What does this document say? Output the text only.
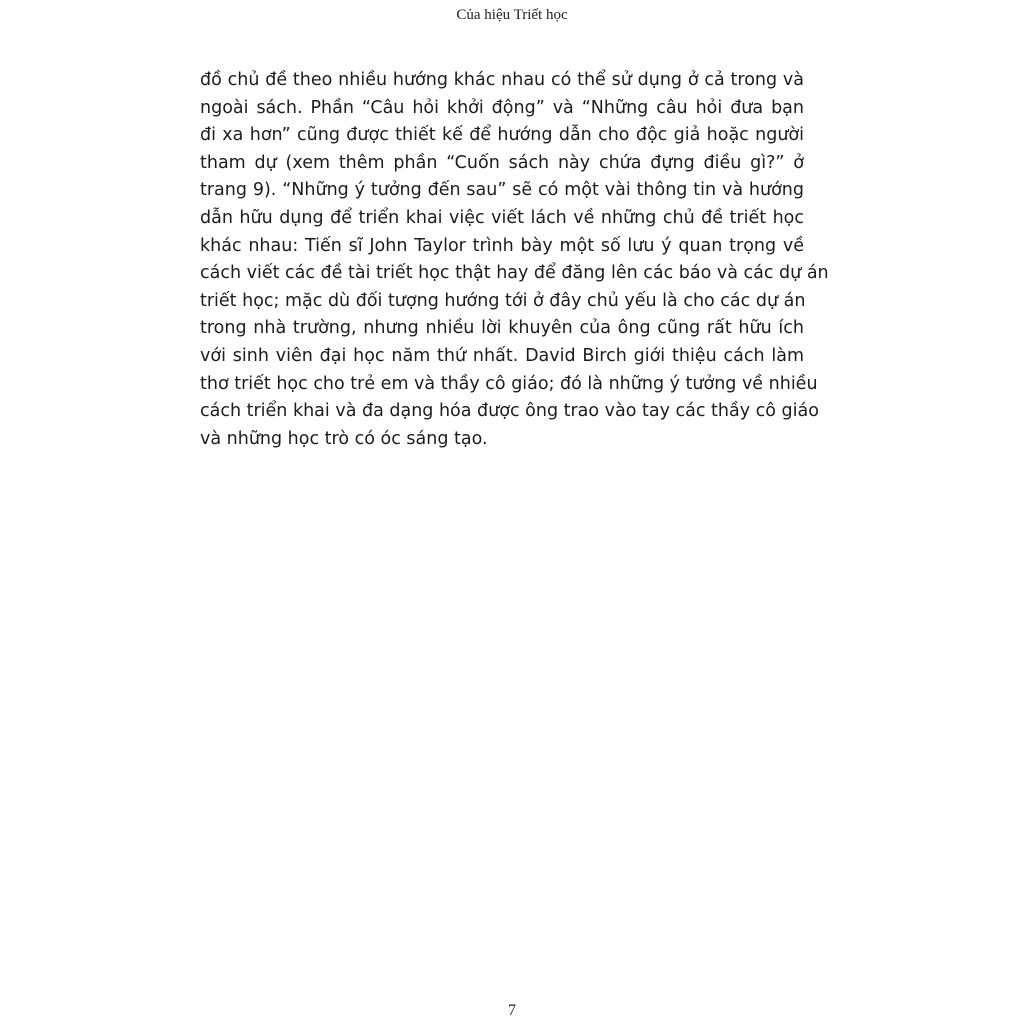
Của hiệu Triết học
đồ chủ đề theo nhiều hướng khác nhau có thể sử dụng ở cả trong và
ngoài sách. Phần “Câu hỏi khởi động” và “Những câu hỏi đưa bạn
đi xa hơn” cũng được thiết kế để hướng dẫn cho độc giả hoặc người
tham dự (xem thêm phần “Cuốn sách này chứa đựng điều gì?” ở
trang 9). “Những ý tưởng đến sau” sẽ có một vài thông tin và hướng
dẫn hữu dụng để triển khai việc viết lách về những chủ đề triết học
khác nhau: Tiến sĩ John Taylor trình bày một số lưu ý quan trọng về
cách viết các đề tài triết học thật hay để đăng lên các báo và các dự án
triết học; mặc dù đối tượng hướng tới ở đây chủ yếu là cho các dự án
trong nhà trường, nhưng nhiều lời khuyên của ông cũng rất hữu ích
với sinh viên đại học năm thứ nhất. David Birch giới thiệu cách làm
thơ triết học cho trẻ em và thầy cô giáo; đó là những ý tưởng về nhiều
cách triển khai và đa dạng hóa được ông trao vào tay các thầy cô giáo
và những học trò có óc sáng tạo.
7
